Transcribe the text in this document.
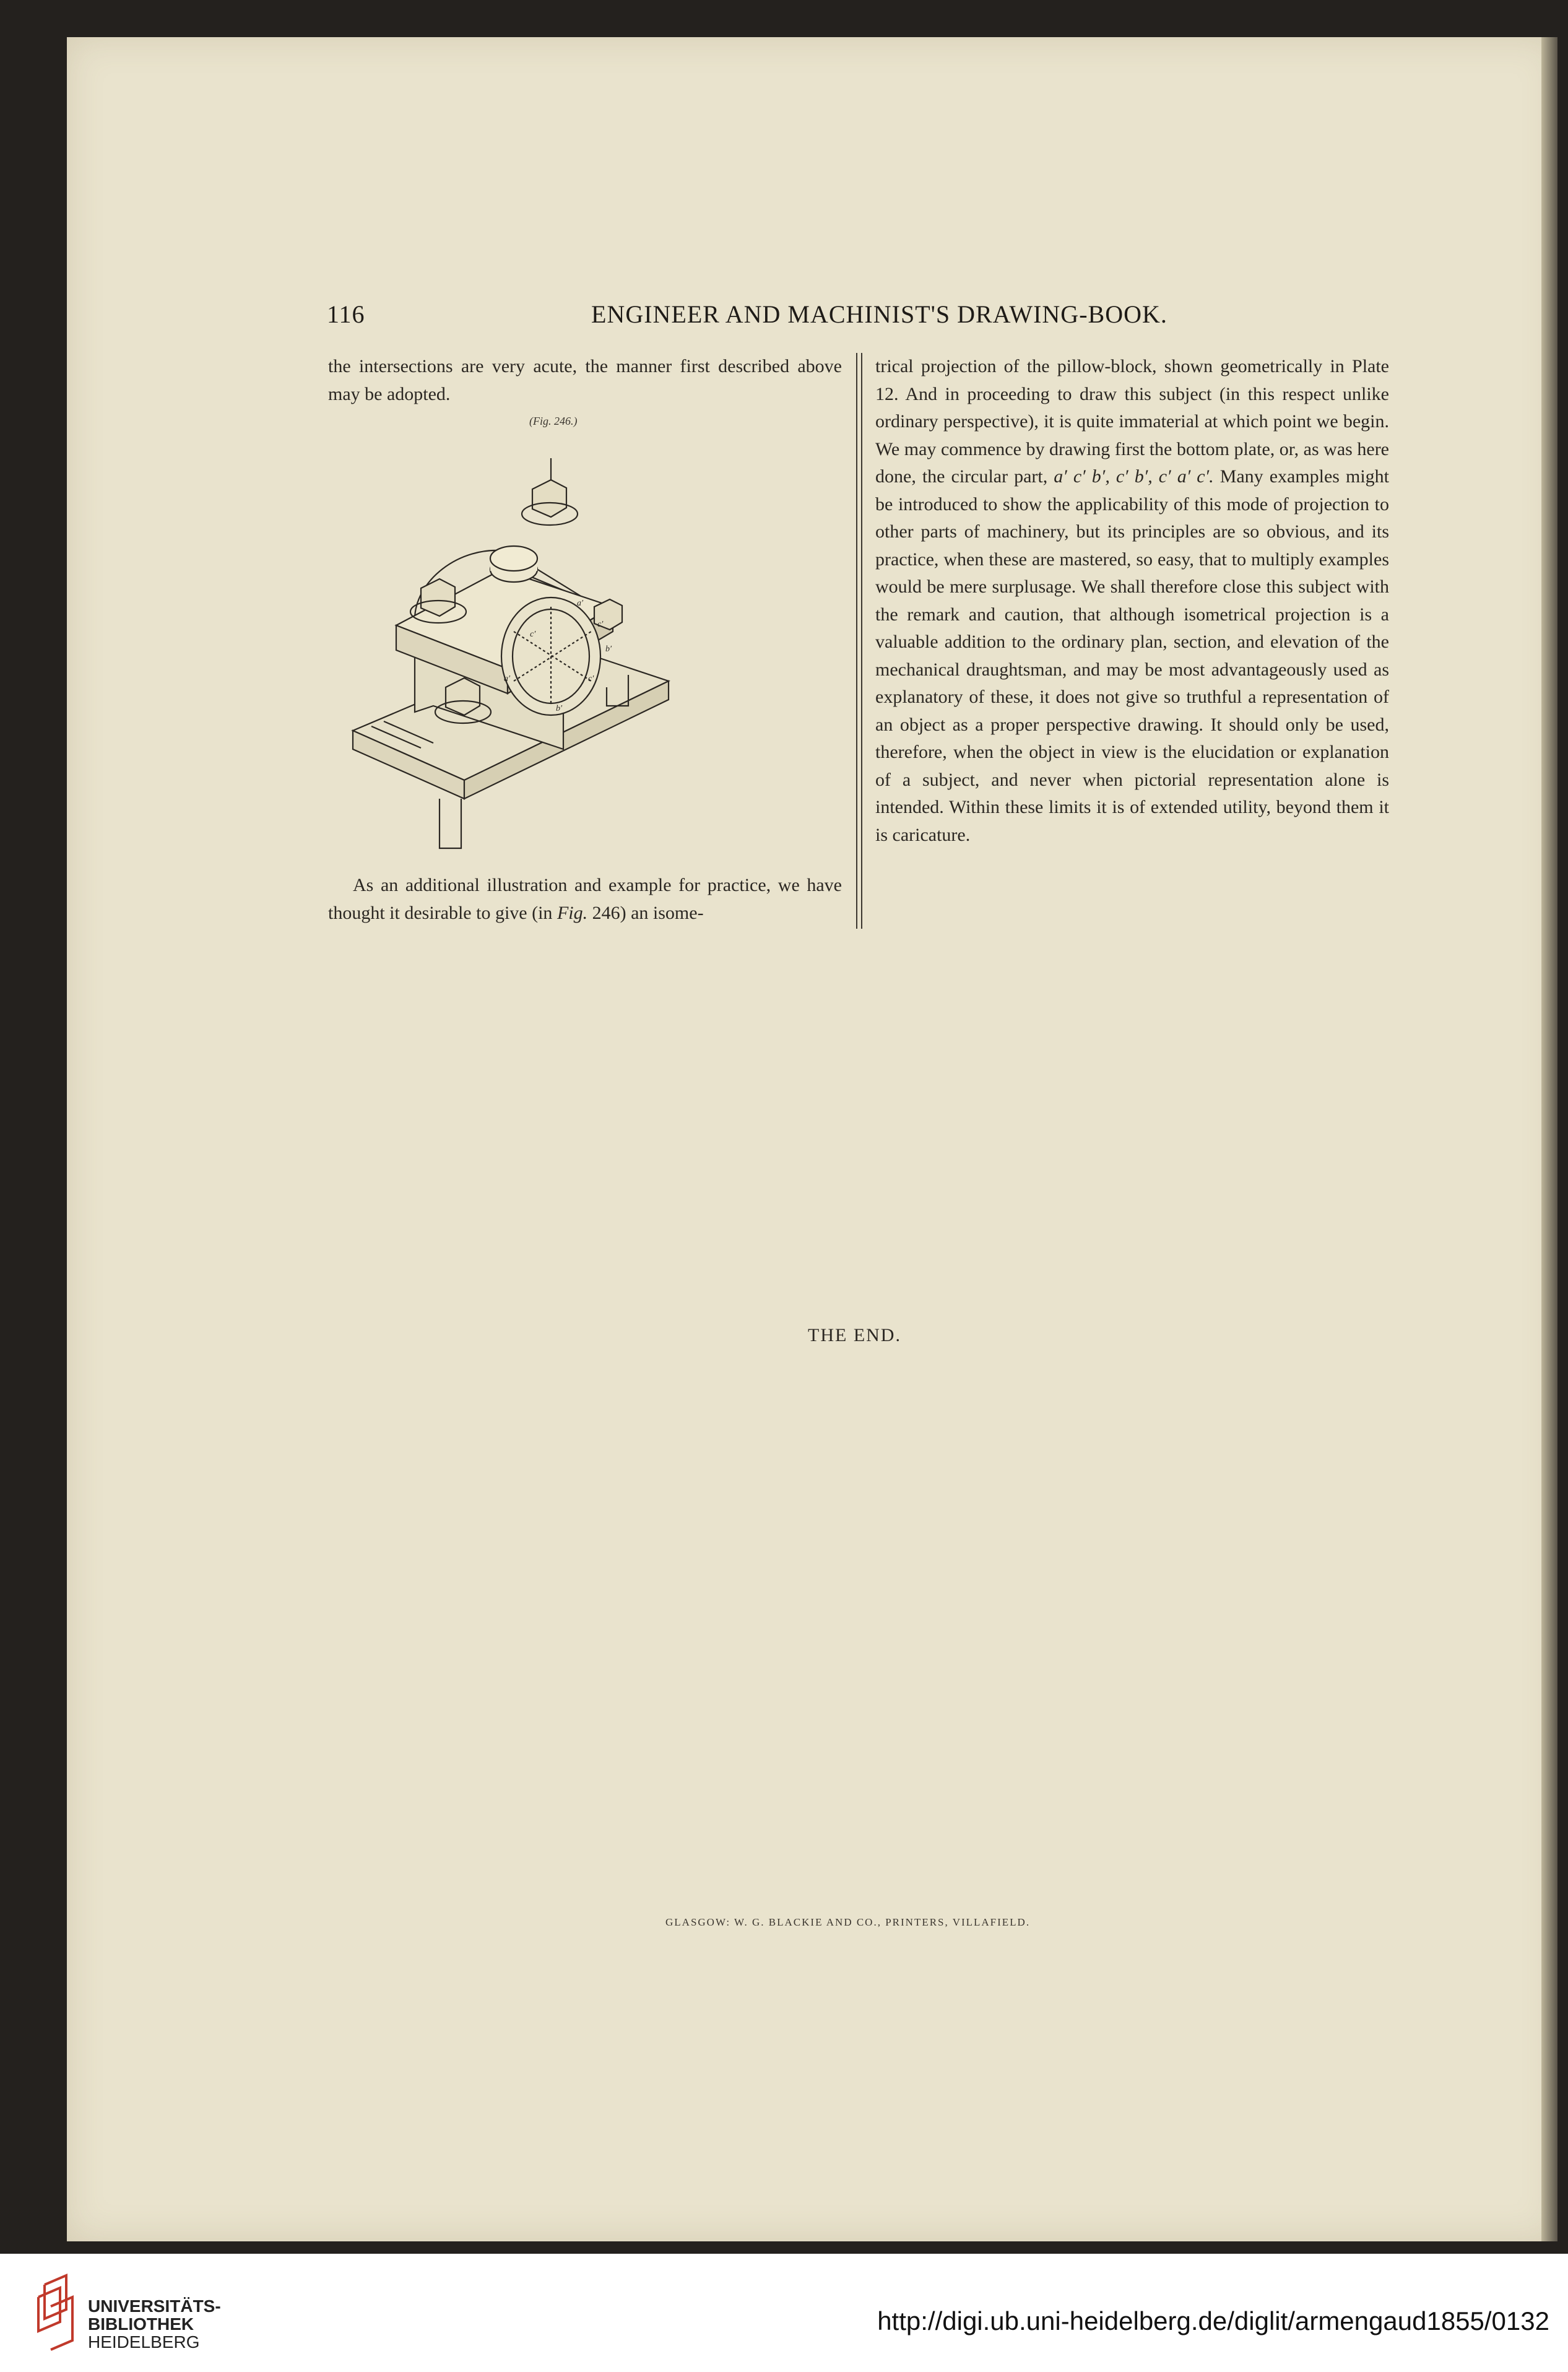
116	ENGINEER AND MACHINIST'S DRAWING-BOOK.

the intersections are very acute, the manner first described above may be adopted.

(Fig. 246.)
a′
c′
b′
c′
a′	c′
b′

As an additional illustration and example for practice, we have thought it desirable to give (in Fig. 246) an isome-

trical projection of the pillow-block, shown geometrically in Plate 12. And in proceeding to draw this subject (in this respect unlike ordinary perspective), it is quite immaterial at which point we begin. We may commence by drawing first the bottom plate, or, as was here done, the circular part, a′ c′ b′, c′ b′, c′ a′ c′. Many examples might be introduced to show the applicability of this mode of projection to other parts of machinery, but its principles are so obvious, and its practice, when these are mastered, so easy, that to multiply examples would be mere surplusage. We shall therefore close this subject with the remark and caution, that although isometrical projection is a valuable addition to the ordinary plan, section, and elevation of the mechanical draughtsman, and may be most advantageously used as explanatory of these, it does not give so truthful a representation of an object as a proper perspective drawing. It should only be used, therefore, when the object in view is the elucidation or explanation of a subject, and never when pictorial representation alone is intended. Within these limits it is of extended utility, beyond them it is caricature.

THE END.
GLASGOW: W. G. BLACKIE AND CO., PRINTERS, VILLAFIELD.
UNIVERSITÄTS-
BIBLIOTHEK
HEIDELBERG
http://digi.ub.uni-heidelberg.de/diglit/armengaud1855/0132
